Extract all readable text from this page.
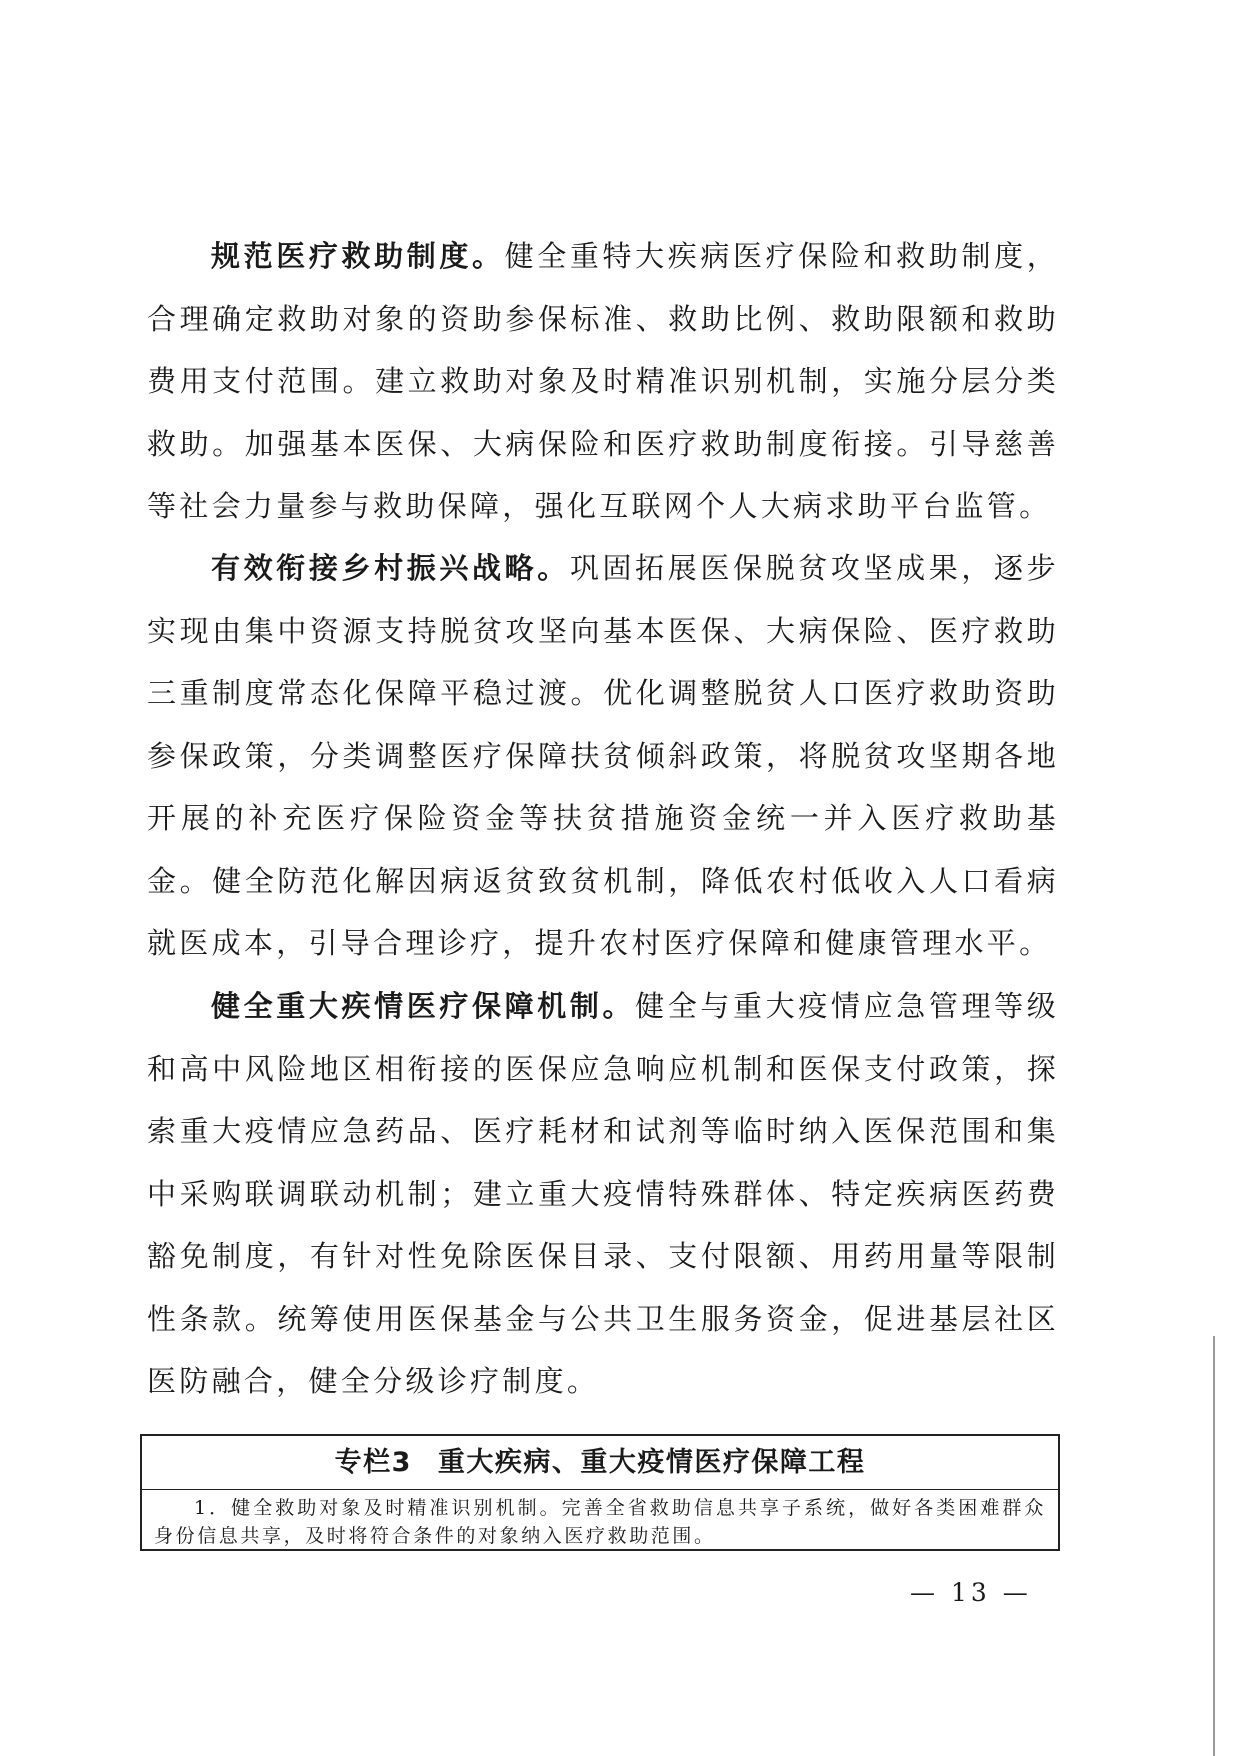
规范医疗救助制度。健全重特大疾病医疗保险和救助制度，合理确定救助对象的资助参保标准、救助比例、救助限额和救助费用支付范围。建立救助对象及时精准识别机制，实施分层分类救助。加强基本医保、大病保险和医疗救助制度衔接。引导慈善等社会力量参与救助保障，强化互联网个人大病求助平台监管。

有效衔接乡村振兴战略。巩固拓展医保脱贫攻坚成果，逐步实现由集中资源支持脱贫攻坚向基本医保、大病保险、医疗救助三重制度常态化保障平稳过渡。优化调整脱贫人口医疗救助资助参保政策，分类调整医疗保障扶贫倾斜政策，将脱贫攻坚期各地开展的补充医疗保险资金等扶贫措施资金统一并入医疗救助基金。健全防范化解因病返贫致贫机制，降低农村低收入人口看病就医成本，引导合理诊疗，提升农村医疗保障和健康管理水平。

健全重大疾情医疗保障机制。健全与重大疫情应急管理等级和高中风险地区相衔接的医保应急响应机制和医保支付政策，探索重大疫情应急药品、医疗耗材和试剂等临时纳入医保范围和集中采购联调联动机制；建立重大疫情特殊群体、特定疾病医药费豁免制度，有针对性免除医保目录、支付限额、用药用量等限制性条款。统筹使用医保基金与公共卫生服务资金，促进基层社区医防融合，健全分级诊疗制度。

专栏3 重大疾病、重大疫情医疗保障工程
1．健全救助对象及时精准识别机制。完善全省救助信息共享子系统，做好各类困难群众身份信息共享，及时将符合条件的对象纳入医疗救助范围。
— 13 —
